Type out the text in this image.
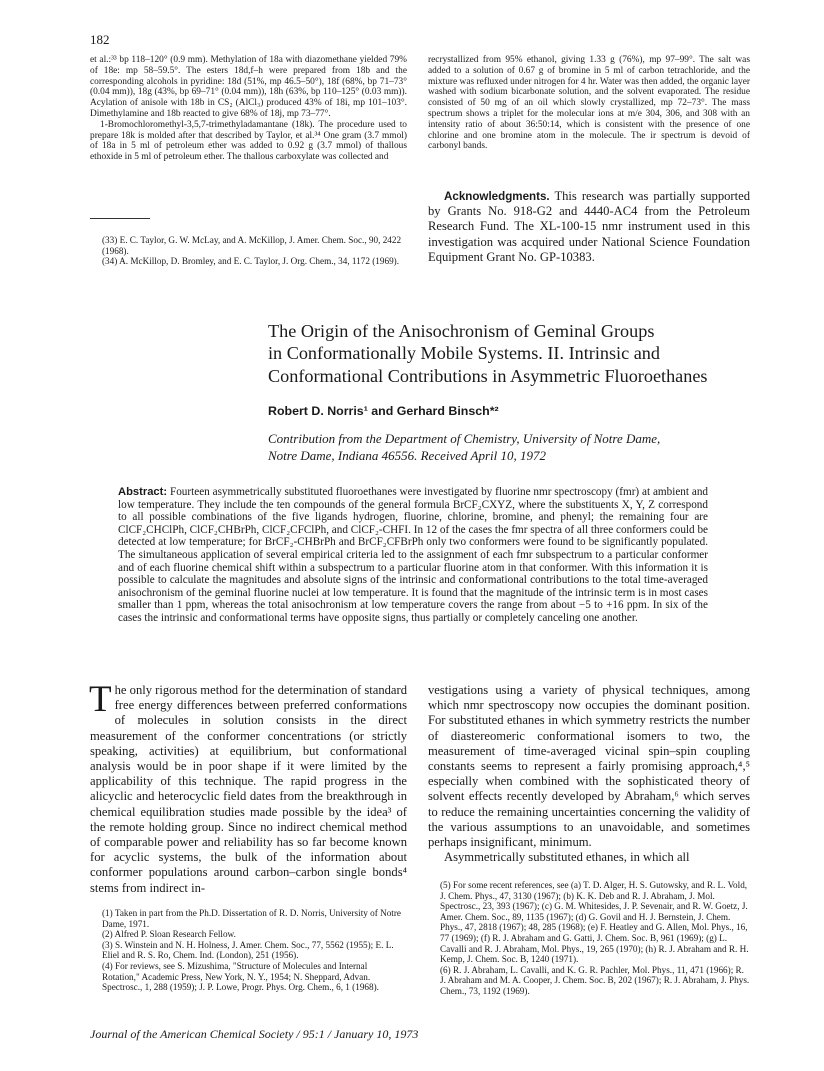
182

et al.:³³ bp 118–120° (0.9 mm). Methylation of 18a with diazomethane yielded 79% of 18e: mp 58–59.5°. The esters 18d,f–h were prepared from 18b and the corresponding alcohols in pyridine: 18d (51%, mp 46.5–50°), 18f (68%, bp 71–73° (0.04 mm)), 18g (43%, bp 69–71° (0.04 mm)), 18h (63%, bp 110–125° (0.03 mm)). Acylation of anisole with 18b in CS₂ (AlCl₃) produced 43% of 18i, mp 101–103°. Dimethylamine and 18b reacted to give 68% of 18j, mp 73–77°.

1-Bromochloromethyl-3,5,7-trimethyladamantane (18k). The procedure used to prepare 18k is molded after that described by Taylor, et al.³⁴ One gram (3.7 mmol) of 18a in 5 ml of petroleum ether was added to 0.92 g (3.7 mmol) of thallous ethoxide in 5 ml of petroleum ether. The thallous carboxylate was collected and

(33) E. C. Taylor, G. W. McLay, and A. McKillop, J. Amer. Chem. Soc., 90, 2422 (1968).

(34) A. McKillop, D. Bromley, and E. C. Taylor, J. Org. Chem., 34, 1172 (1969).

recrystallized from 95% ethanol, giving 1.33 g (76%), mp 97–99°. The salt was added to a solution of 0.67 g of bromine in 5 ml of carbon tetrachloride, and the mixture was refluxed under nitrogen for 4 hr. Water was then added, the organic layer washed with sodium bicarbonate solution, and the solvent evaporated. The residue consisted of 50 mg of an oil which slowly crystallized, mp 72–73°. The mass spectrum shows a triplet for the molecular ions at m/e 304, 306, and 308 with an intensity ratio of about 36:50:14, which is consistent with the presence of one chlorine and one bromine atom in the molecule. The ir spectrum is devoid of carbonyl bands.

Acknowledgments. This research was partially supported by Grants No. 918-G2 and 4440-AC4 from the Petroleum Research Fund. The XL-100-15 nmr instrument used in this investigation was acquired under National Science Foundation Equipment Grant No. GP-10383.
The Origin of the Anisochronism of Geminal Groups
in Conformationally Mobile Systems. II. Intrinsic and
Conformational Contributions in Asymmetric Fluoroethanes
Robert D. Norris¹ and Gerhard Binsch*²
Contribution from the Department of Chemistry, University of Notre Dame,
Notre Dame, Indiana 46556. Received April 10, 1972
Abstract: Fourteen asymmetrically substituted fluoroethanes were investigated by fluorine nmr spectroscopy (fmr) at ambient and low temperature. They include the ten compounds of the general formula BrCF₂CXYZ, where the substituents X, Y, Z correspond to all possible combinations of the five ligands hydrogen, fluorine, chlorine, bromine, and phenyl; the remaining four are ClCF₂CHClPh, ClCF₂CHBrPh, ClCF₂CFClPh, and ClCF₂-CHFI. In 12 of the cases the fmr spectra of all three conformers could be detected at low temperature; for BrCF₂-CHBrPh and BrCF₂CFBrPh only two conformers were found to be significantly populated. The simultaneous application of several empirical criteria led to the assignment of each fmr subspectrum to a particular conformer and of each fluorine chemical shift within a subspectrum to a particular fluorine atom in that conformer. With this information it is possible to calculate the magnitudes and absolute signs of the intrinsic and conformational contributions to the total time-averaged anisochronism of the geminal fluorine nuclei at low temperature. It is found that the magnitude of the intrinsic term is in most cases smaller than 1 ppm, whereas the total anisochronism at low temperature covers the range from about −5 to +16 ppm. In six of the cases the intrinsic and conformational terms have opposite signs, thus partially or completely canceling one another.

The only rigorous method for the determination of standard free energy differences between preferred conformations of molecules in solution consists in the direct measurement of the conformer concentrations (or strictly speaking, activities) at equilibrium, but conformational analysis would be in poor shape if it were limited by the applicability of this technique. The rapid progress in the alicyclic and heterocyclic field dates from the breakthrough in chemical equilibration studies made possible by the idea³ of the remote holding group. Since no indirect chemical method of comparable power and reliability has so far become known for acyclic systems, the bulk of the information about conformer populations around carbon–carbon single bonds⁴ stems from indirect in-

(1) Taken in part from the Ph.D. Dissertation of R. D. Norris, University of Notre Dame, 1971.

(2) Alfred P. Sloan Research Fellow.

(3) S. Winstein and N. H. Holness, J. Amer. Chem. Soc., 77, 5562 (1955); E. L. Eliel and R. S. Ro, Chem. Ind. (London), 251 (1956).

(4) For reviews, see S. Mizushima, "Structure of Molecules and Internal Rotation," Academic Press, New York, N. Y., 1954; N. Sheppard, Advan. Spectrosc., 1, 288 (1959); J. P. Lowe, Progr. Phys. Org. Chem., 6, 1 (1968).

vestigations using a variety of physical techniques, among which nmr spectroscopy now occupies the dominant position. For substituted ethanes in which symmetry restricts the number of diastereomeric conformational isomers to two, the measurement of time-averaged vicinal spin–spin coupling constants seems to represent a fairly promising approach,⁴,⁵ especially when combined with the sophisticated theory of solvent effects recently developed by Abraham,⁶ which serves to reduce the remaining uncertainties concerning the validity of the various assumptions to an unavoidable, and sometimes perhaps insignificant, minimum.

Asymmetrically substituted ethanes, in which all

(5) For some recent references, see (a) T. D. Alger, H. S. Gutowsky, and R. L. Vold, J. Chem. Phys., 47, 3130 (1967); (b) K. K. Deb and R. J. Abraham, J. Mol. Spectrosc., 23, 393 (1967); (c) G. M. Whitesides, J. P. Sevenair, and R. W. Goetz, J. Amer. Chem. Soc., 89, 1135 (1967); (d) G. Govil and H. J. Bernstein, J. Chem. Phys., 47, 2818 (1967); 48, 285 (1968); (e) F. Heatley and G. Allen, Mol. Phys., 16, 77 (1969); (f) R. J. Abraham and G. Gatti, J. Chem. Soc. B, 961 (1969); (g) L. Cavalli and R. J. Abraham, Mol. Phys., 19, 265 (1970); (h) R. J. Abraham and R. H. Kemp, J. Chem. Soc. B, 1240 (1971).

(6) R. J. Abraham, L. Cavalli, and K. G. R. Pachler, Mol. Phys., 11, 471 (1966); R. J. Abraham and M. A. Cooper, J. Chem. Soc. B, 202 (1967); R. J. Abraham, J. Phys. Chem., 73, 1192 (1969).

Journal of the American Chemical Society / 95:1 / January 10, 1973
